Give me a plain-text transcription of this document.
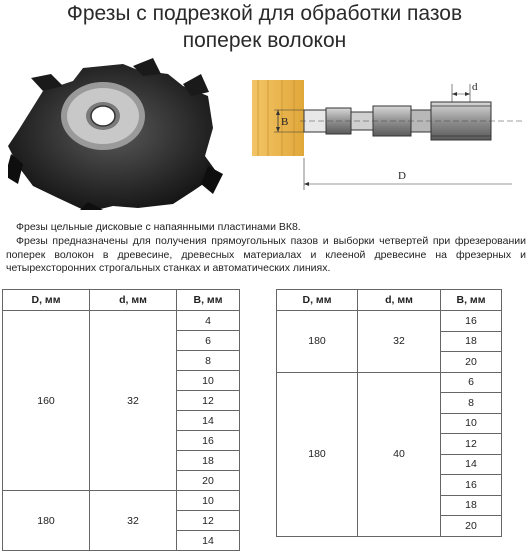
Фрезы с подрезкой для обработки пазов
поперек волокон
B
d
D
Фрезы цельные дисковые с напаянными пластинами ВК8.
Фрезы предназначены для получения прямоугольных пазов и выборки четвертей при фрезеровании поперек волокон в древесине, древесных материалах и клееной древесине на фрезерных и четырехсторонних строгальных станках и автоматических линиях.
D, мм	d, мм	B, мм
160	32	4
		6
		8
		10
		12
		14
		16
		18
		20
180	32	10
		12
		14
D, мм	d, мм	B, мм
180	32	16
		18
		20
180	40	6
		8
		10
		12
		14
		16
		18
		20
